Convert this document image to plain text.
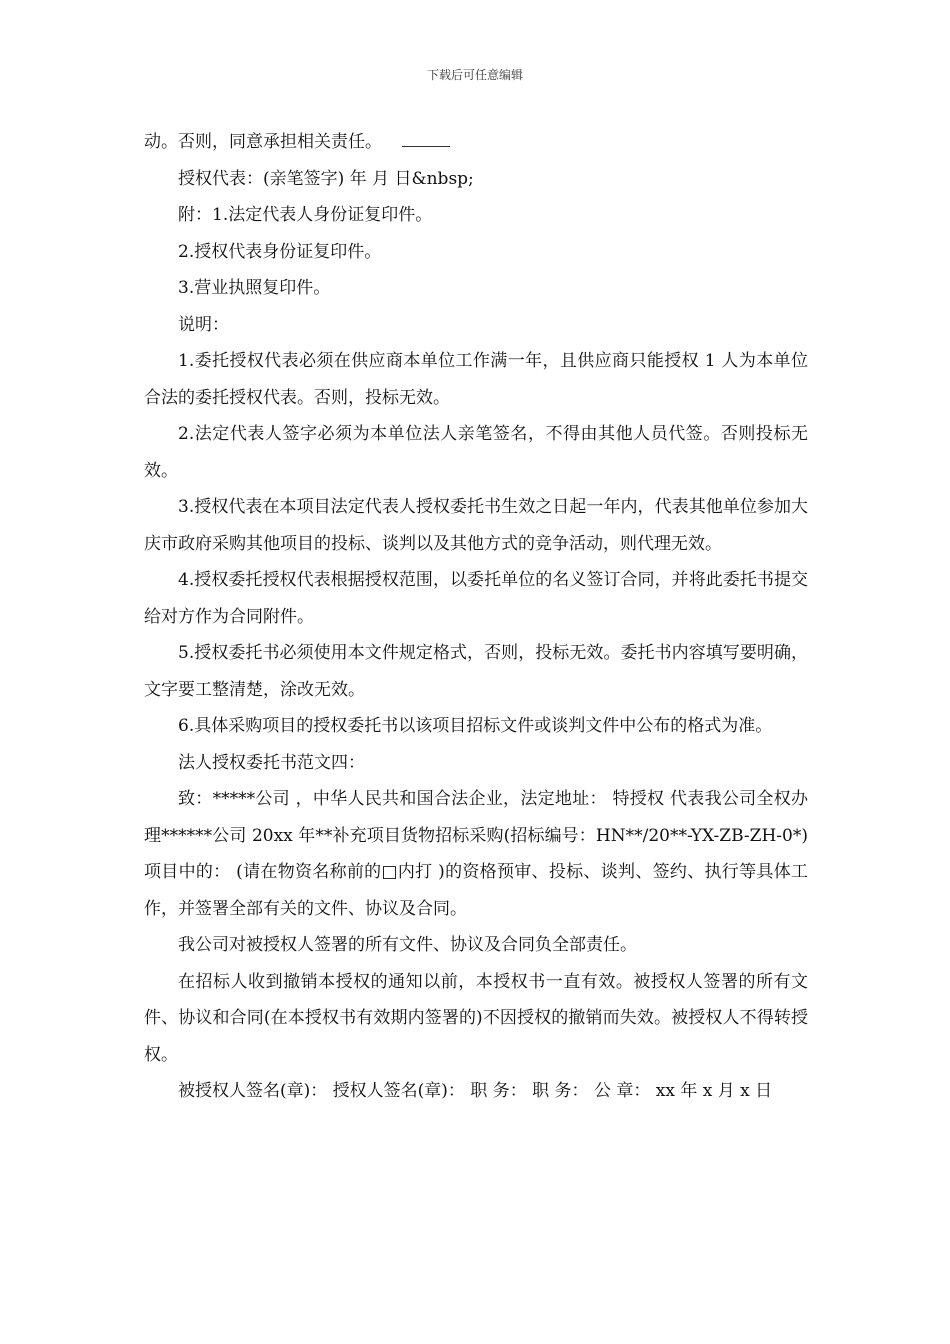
下载后可任意编辑

动。否则，同意承担相关责任。

授权代表：(亲笔签字) 年 月 日&nbsp;

附：1.法定代表人身份证复印件。

2.授权代表身份证复印件。

3.营业执照复印件。

说明：

1.委托授权代表必须在供应商本单位工作满一年，且供应商只能授权 1 人为本单位合法的委托授权代表。否则，投标无效。

2.法定代表人签字必须为本单位法人亲笔签名，不得由其他人员代签。否则投标无效。

3.授权代表在本项目法定代表人授权委托书生效之日起一年内，代表其他单位参加大庆市政府采购其他项目的投标、谈判以及其他方式的竞争活动，则代理无效。

4.授权委托授权代表根据授权范围，以委托单位的名义签订合同，并将此委托书提交给对方作为合同附件。

5.授权委托书必须使用本文件规定格式，否则，投标无效。委托书内容填写要明确，文字要工整清楚，涂改无效。

6.具体采购项目的授权委托书以该项目招标文件或谈判文件中公布的格式为准。

法人授权委托书范文四：

致：*****公司 ，中华人民共和国合法企业，法定地址： 特授权 代表我公司全权办理******公司 20xx 年**补充项目货物招标采购(招标编号：HN**/20**-YX-ZB-ZH-0*)项目中的： (请在物资名称前的□内打 )的资格预审、投标、谈判、签约、执行等具体工作，并签署全部有关的文件、协议及合同。

我公司对被授权人签署的所有文件、协议及合同负全部责任。

在招标人收到撤销本授权的通知以前，本授权书一直有效。被授权人签署的所有文件、协议和合同(在本授权书有效期内签署的)不因授权的撤销而失效。被授权人不得转授权。

被授权人签名(章)： 授权人签名(章)： 职 务： 职 务： 公 章： xx 年 x 月 x 日
